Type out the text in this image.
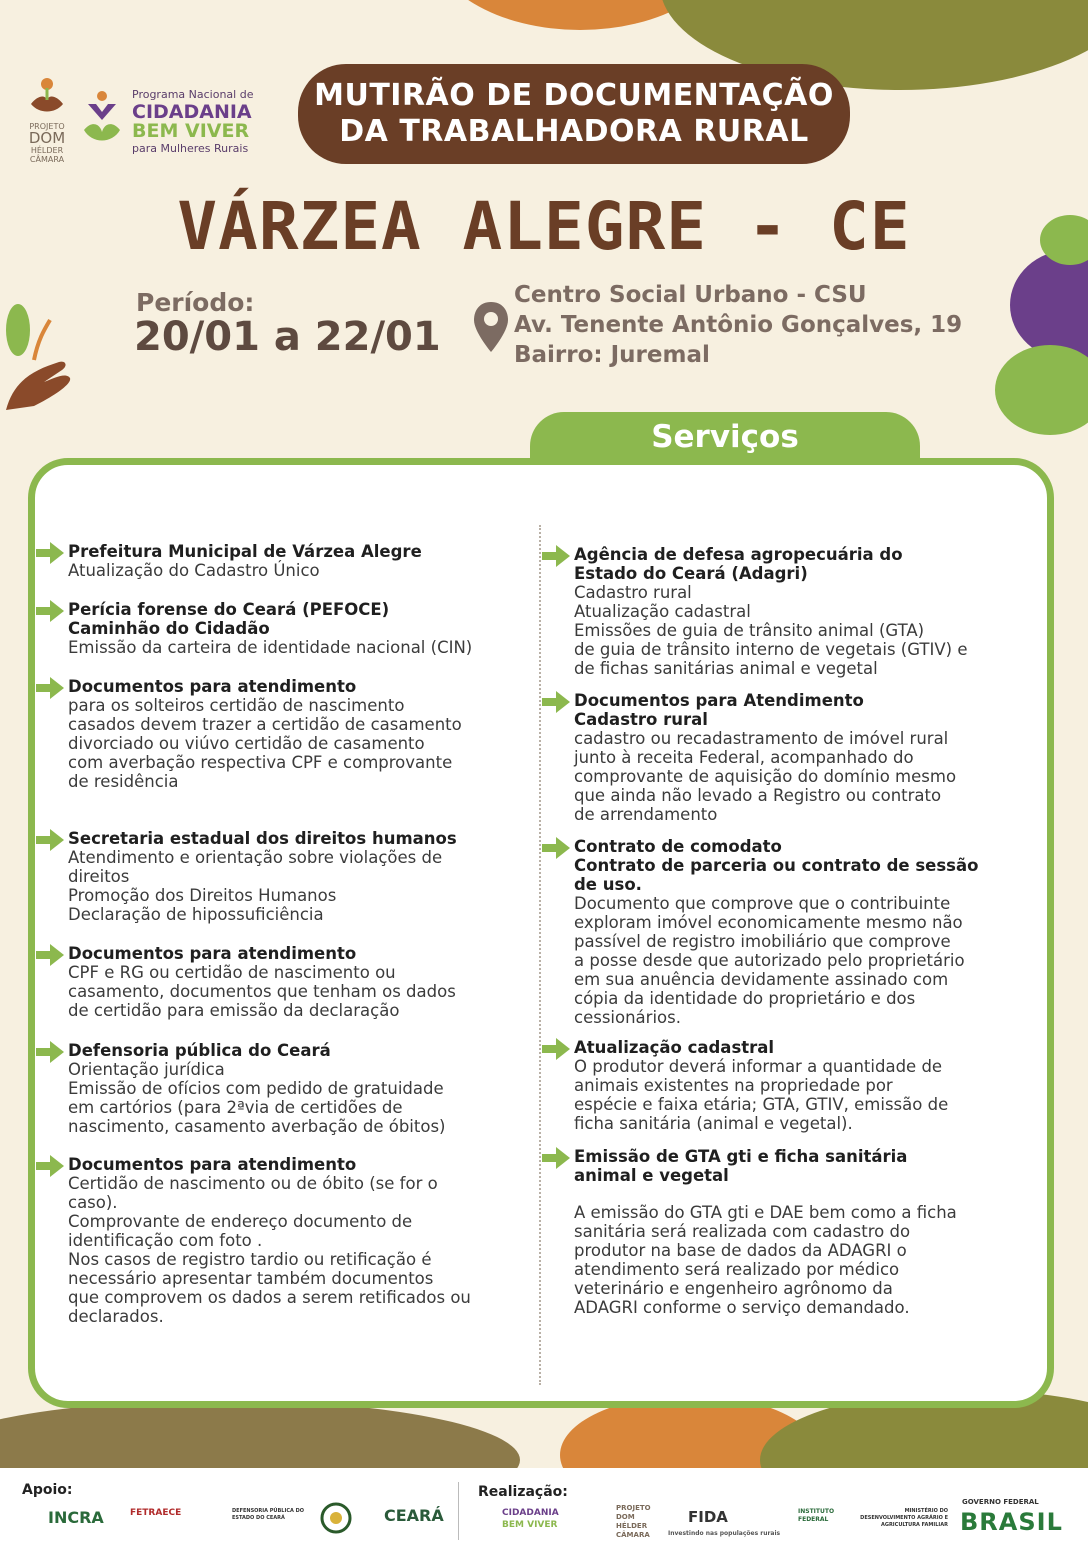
PROJETO
DOM
HÉLDER
CÂMARA
Programa Nacional de
CIDADANIA
BEM VIVER
para Mulheres Rurais
MUTIRÃO DE DOCUMENTAÇÃO
DA TRABALHADORA RURAL
VÁRZEA ALEGRE - CE
Período:
20/01 a 22/01
Centro Social Urbano - CSU
Av. Tenente Antônio Gonçalves, 19
Bairro: Juremal
Serviços
Prefeitura Municipal de Várzea Alegre

Atualização do Cadastro Único

Perícia forense do Ceará (PEFOCE)
Caminhão do Cidadão

Emissão da carteira de identidade nacional (CIN)

Documentos para atendimento

para os solteiros certidão de nascimento

casados devem trazer a certidão de casamento

divorciado ou viúvo certidão de casamento

com averbação respectiva CPF e comprovante

de residência

Secretaria estadual dos direitos humanos

Atendimento e orientação sobre violações de

direitos

Promoção dos Direitos Humanos

Declaração de hipossuficiência

Documentos para atendimento

CPF e RG ou certidão de nascimento ou

casamento, documentos que tenham os dados

de certidão para emissão da declaração

Defensoria pública do Ceará

Orientação jurídica

Emissão de ofícios com pedido de gratuidade

em cartórios (para 2ªvia de certidões de

nascimento, casamento averbação de óbitos)

Documentos para atendimento

Certidão de nascimento ou de óbito (se for o

caso).

Comprovante de endereço documento de

identificação com foto .

Nos casos de registro tardio ou retificação é

necessário apresentar também documentos

que comprovem os dados a serem retificados ou

declarados.

Agência de defesa agropecuária do
Estado do Ceará (Adagri)

Cadastro rural

Atualização cadastral

Emissões de guia de trânsito animal (GTA)

de guia de trânsito interno de vegetais (GTIV) e

de fichas sanitárias animal e vegetal

Documentos para Atendimento
Cadastro rural

cadastro ou recadastramento de imóvel rural

junto à receita Federal, acompanhado do

comprovante de aquisição do domínio mesmo

que ainda não levado a Registro ou contrato

de arrendamento

Contrato de comodato
Contrato de parceria ou contrato de sessão
de uso.

Documento que comprove que o contribuinte

exploram imóvel economicamente mesmo não

passível de registro imobiliário que comprove

a posse desde que autorizado pelo proprietário

em sua anuência devidamente assinado com

cópia da identidade do proprietário e dos

cessionários.

Atualização cadastral

O produtor deverá informar a quantidade de

animais existentes na propriedade por

espécie e faixa etária; GTA, GTIV, emissão de

ficha sanitária (animal e vegetal).

Emissão de GTA gti e ficha sanitária
animal e vegetal

A emissão do GTA gti e DAE bem como a ficha

sanitária será realizada com cadastro do

produtor na base de dados da ADAGRI o

atendimento será realizado por médico

veterinário e engenheiro agrônomo da

ADAGRI conforme o serviço demandado.

Apoio:	Realização:
INCRA	FETRAECE	DEFENSORIA PÚBLICA DO ESTADO DO CEARÁ	CEARÁ	CIDADANIA
BEM VIVER
PROJETO DOM HÉLDER CÂMARA
FIDA
Investindo nas populações rurais
INSTITUTO FEDERAL
MINISTÉRIO DO DESENVOLVIMENTO AGRÁRIO E AGRICULTURA FAMILIAR
GOVERNO FEDERAL
BRASIL
